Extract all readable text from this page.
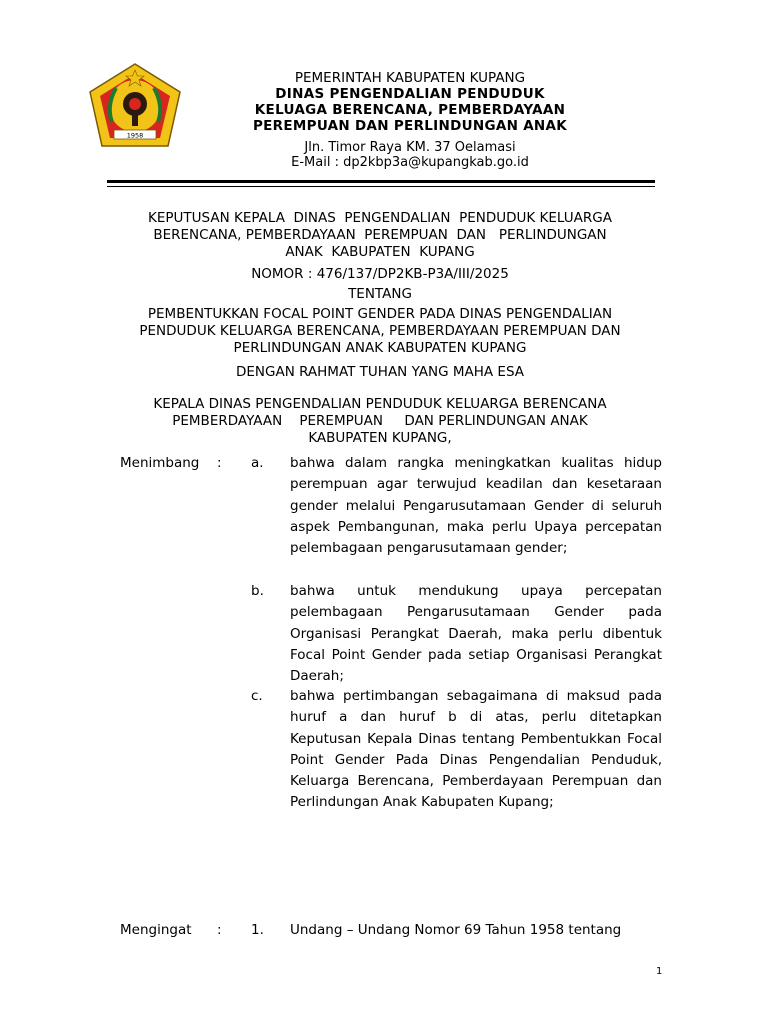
1958
PEMERINTAH KABUPATEN KUPANG
DINAS PENGENDALIAN PENDUDUK
KELUAGA BERENCANA, PEMBERDAYAAN
PEREMPUAN DAN PERLINDUNGAN ANAK
Jln. Timor Raya KM. 37 Oelamasi
E-Mail : dp2kbp3a@kupangkab.go.id
KEPUTUSAN KEPALA  DINAS  PENGENDALIAN  PENDUDUK KELUARGA
BERENCANA, PEMBERDAYAAN  PEREMPUAN  DAN   PERLINDUNGAN
ANAK  KABUPATEN  KUPANG
NOMOR : 476/137/DP2KB-P3A/III/2025
TENTANG
PEMBENTUKKAN FOCAL POINT GENDER PADA DINAS PENGENDALIAN
PENDUDUK KELUARGA BERENCANA, PEMBERDAYAAN PEREMPUAN DAN
PERLINDUNGAN ANAK KABUPATEN KUPANG
DENGAN RAHMAT TUHAN YANG MAHA ESA
KEPALA DINAS PENGENDALIAN PENDUDUK KELUARGA BERENCANA
PEMBERDAYAAN    PEREMPUAN     DAN PERLINDUNGAN ANAK
KABUPATEN KUPANG,
Menimbang : a. bahwa dalam rangka meningkatkan kualitas hidup perempuan agar terwujud keadilan dan kesetaraan gender melalui Pengarusutamaan Gender di seluruh aspek Pembangunan, maka perlu Upaya percepatan pelembagaan pengarusutamaan gender;
b. bahwa untuk mendukung upaya percepatan pelembagaan Pengarusutamaan Gender pada Organisasi Perangkat Daerah, maka perlu dibentuk Focal Point Gender pada setiap Organisasi Perangkat Daerah;
c. bahwa pertimbangan sebagaimana di maksud pada huruf a dan huruf b di atas, perlu ditetapkan Keputusan Kepala Dinas tentang Pembentukkan Focal Point Gender Pada Dinas Pengendalian Penduduk, Keluarga Berencana, Pemberdayaan Perempuan dan Perlindungan Anak Kabupaten Kupang;
Mengingat	: 1. Undang – Undang Nomor 69 Tahun 1958 tentang
1
